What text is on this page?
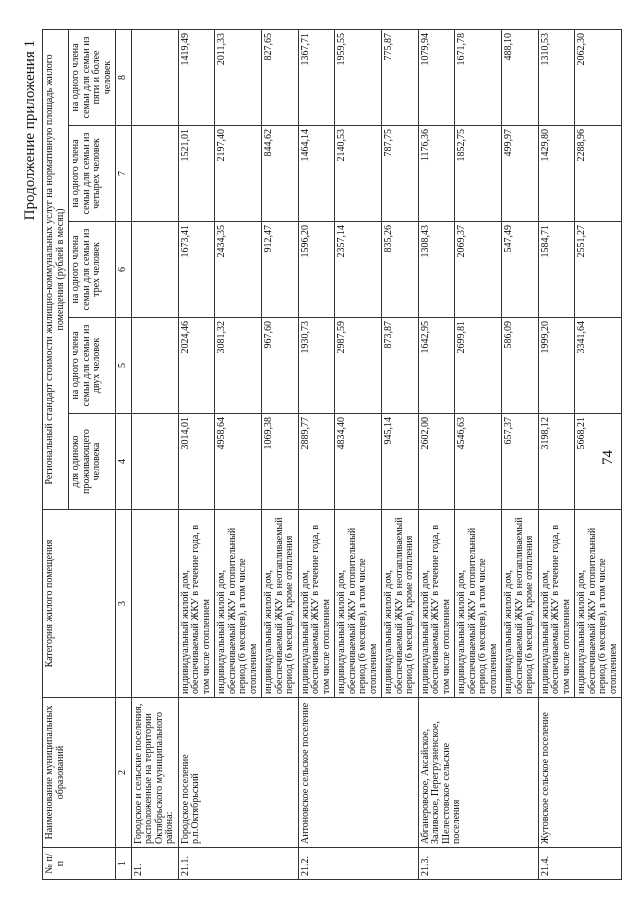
74
Продолжение приложения 1
№ п/п	Наименование муниципальных образований	Категория жилого помещения	Региональный стандарт стоимости жилищно-коммунальных услуг на нормативную площадь жилого помещения (рублей в месяц)				
			для одиноко проживающего человека	на одного члена семьи для семьи из двух человек	на одного члена семьи для семьи из трех человек	на одного члена семьи для семьи из четырех человек	на одного члена семьи для семьи из пяти и более человек
1	2	3	4	5	6	7	8
21.	Городское и сельские поселения, расположенные на территории Октябрьского муниципального района:						
21.1.	Городское поселение р.п.Октябрьский	индивидуальный жилой дом, обеспечиваемый ЖКУ в течение года, в том числе отоплением	3014,01	2024,46	1673,41	1521,01	1419,49
		индивидуальный жилой дом, обеспечиваемый ЖКУ в отопительный период (6 месяцев), в том числе отоплением	4958,64	3081,32	2434,35	2197,40	2011,33
		индивидуальный жилой дом, обеспечиваемый ЖКУ в неотапливаемый период (6 месяцев), кроме отопления	1069,38	967,60	912,47	844,62	827,65
21.2.	Антоновское сельское поселение	индивидуальный жилой дом, обеспечиваемый ЖКУ в течение года, в том числе отоплением	2889,77	1930,73	1596,20	1464,14	1367,71
		индивидуальный жилой дом, обеспечиваемый ЖКУ в отопительный период (6 месяцев), в том числе отоплением	4834,40	2987,59	2357,14	2140,53	1959,55
		индивидуальный жилой дом, обеспечиваемый ЖКУ в неотапливаемый период (6 месяцев), кроме отопления	945,14	873,87	835,26	787,75	775,87
21.3.	Абганеровское, Аксайское, Заливское, Перегрузненское, Шелестовское сельские поселения	индивидуальный жилой дом, обеспечиваемый ЖКУ в течение года, в том числе отоплением	2602,00	1642,95	1308,43	1176,36	1079,94
		индивидуальный жилой дом, обеспечиваемый ЖКУ в отопительный период (6 месяцев), в том числе отоплением	4546,63	2699,81	2069,37	1852,75	1671,78
		индивидуальный жилой дом, обеспечиваемый ЖКУ в неотапливаемый период (6 месяцев), кроме отопления	657,37	586,09	547,49	499,97	488,10
21.4.	Жутовское сельское поселение	индивидуальный жилой дом, обеспечиваемый ЖКУ в течение года, в том числе отоплением	3198,12	1999,20	1584,71	1429,80	1310,53
		индивидуальный жилой дом, обеспечиваемый ЖКУ в отопительный период (6 месяцев), в том числе отоплением	5668,21	3341,64	2551,27	2288,96	2062,30
